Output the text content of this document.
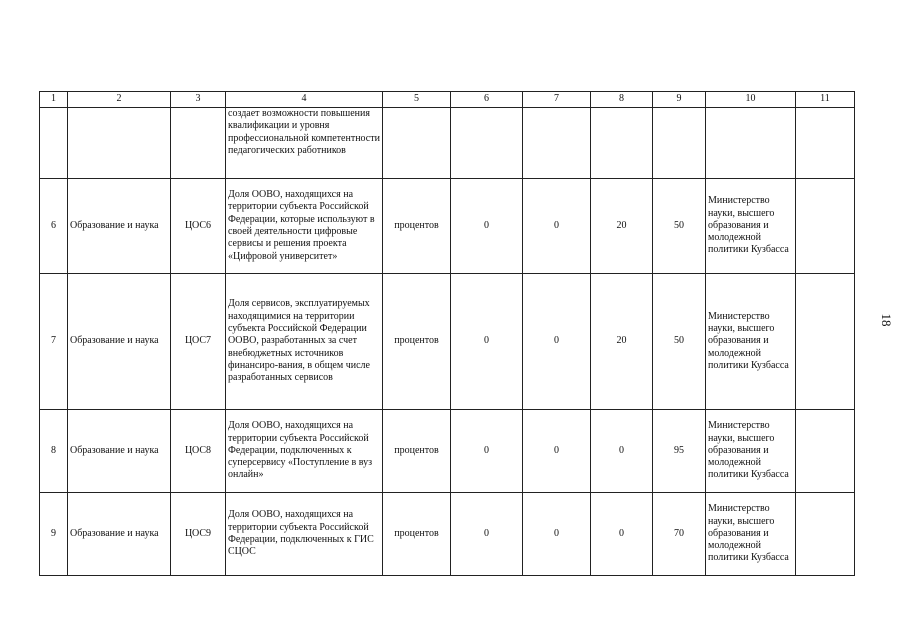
1	2	3	4	5	6	7	8	9	10	11
			создает возможности повышения квалификации и уровня профессиональной компетентности педагогических работников							
6	Образование и наука	ЦОС6	Доля ООВО, находящихся на территории субъекта Российской Федерации, которые используют в своей деятельности цифровые сервисы и решения проекта «Цифровой университет»	процентов	0	0	20	50	Министерство науки, высшего образования и молодежной политики Кузбасса	
7	Образование и наука	ЦОС7	Доля сервисов, эксплуатируемых находящимися на территории субъекта Российской Федерации ООВО, разработанных за счет внебюджетных источников финансиро-вания, в общем числе разработанных сервисов	процентов	0	0	20	50	Министерство науки, высшего образования и молодежной политики Кузбасса	
8	Образование и наука	ЦОС8	Доля ООВО, находящихся на территории субъекта Российской Федерации, подключенных к суперсервису «Поступление в вуз онлайн»	процентов	0	0	0	95	Министерство науки, высшего образования и молодежной политики Кузбасса	
9	Образование и наука	ЦОС9	Доля ООВО, находящихся на территории субъекта Российской Федерации, подключенных к ГИС СЦОС	процентов	0	0	0	70	Министерство науки, высшего образования и молодежной политики Кузбасса	
18
